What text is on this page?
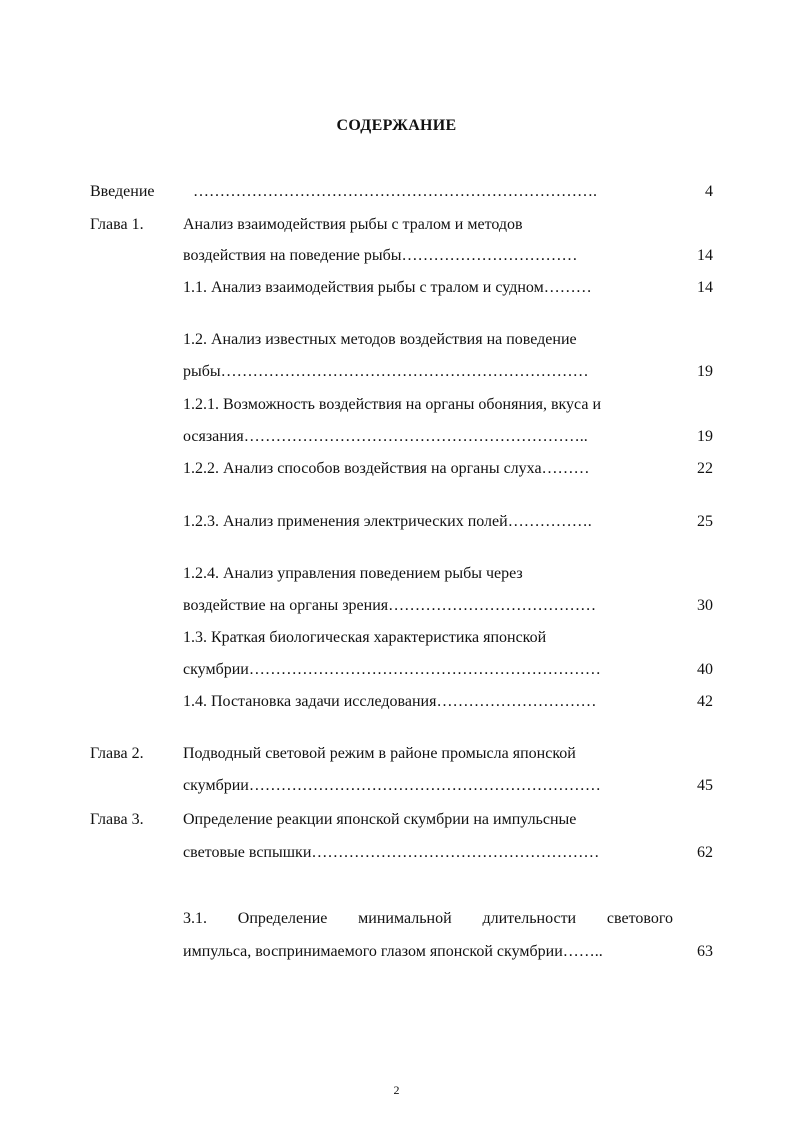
СОДЕРЖАНИЕ
Введение ………………………………………………………………….	4
Глава 1. Анализ взаимодействия рыбы с тралом и методов
воздействия на поведение рыбы……………………………	14
1.1. Анализ взаимодействия рыбы с тралом и судном………	14
1.2. Анализ известных методов воздействия на поведение
рыбы……………………………………………………………	19
1.2.1. Возможность воздействия на органы обоняния, вкуса и
осязания………………………………………………………..	19
1.2.2. Анализ способов воздействия на органы слуха………	22
1.2.3. Анализ применения электрических полей…………….	25
1.2.4. Анализ управления поведением рыбы через
воздействие на органы зрения…………………………………	30
1.3. Краткая биологическая характеристика японской
скумбрии…………………………………………………………	40
1.4. Постановка задачи исследования…………………………	42
Глава 2. Подводный световой режим в районе промысла японской
скумбрии…………………………………………………………	45
Глава 3. Определение реакции японской скумбрии на импульсные
световые вспышки………………………………………………	62
3.1. Определение минимальной длительности светового
импульса, воспринимаемого глазом японской скумбрии……..	63
2
